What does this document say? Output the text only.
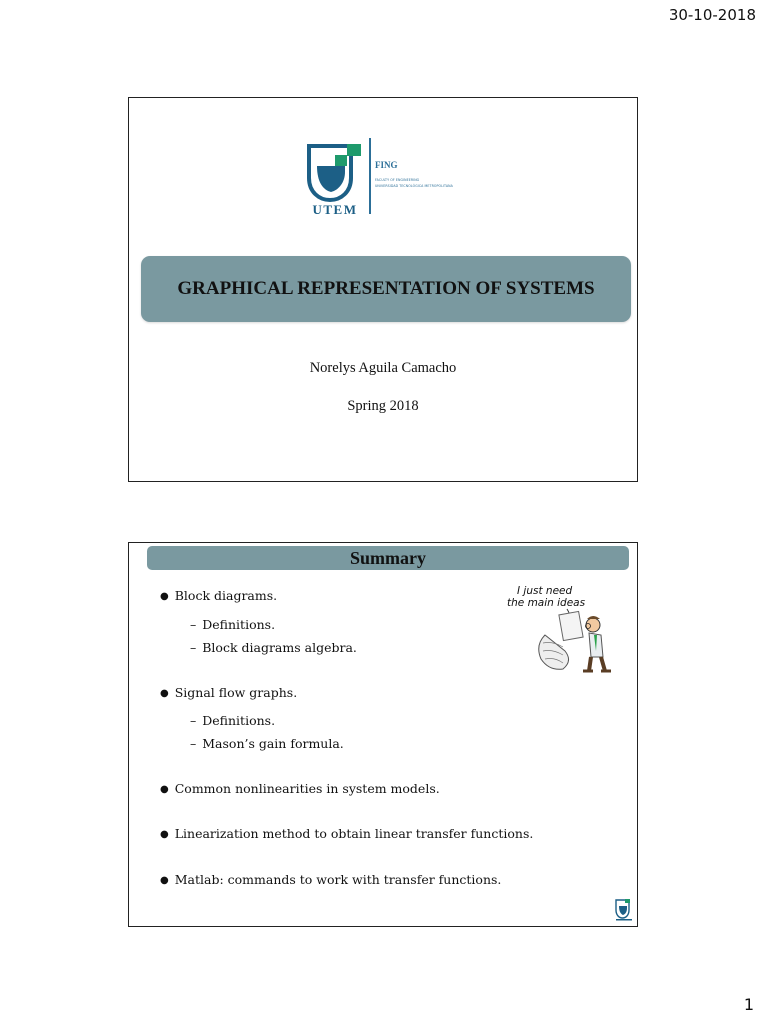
30-10-2018
UTEM
FING
FACULTY OF ENGINEERING
UNIVERSIDAD TECNOLÓGICA METROPOLITANA
GRAPHICAL REPRESENTATION OF SYSTEMS
Norelys Aguila Camacho
Spring 2018
Summary
● Block diagrams.
– Definitions.
– Block diagrams algebra.
● Signal flow graphs.
– Definitions.
– Mason’s gain formula.
● Common nonlinearities in system models.
● Linearization method to obtain linear transfer functions.
● Matlab: commands to work with transfer functions.
I just need
the main ideas
1
